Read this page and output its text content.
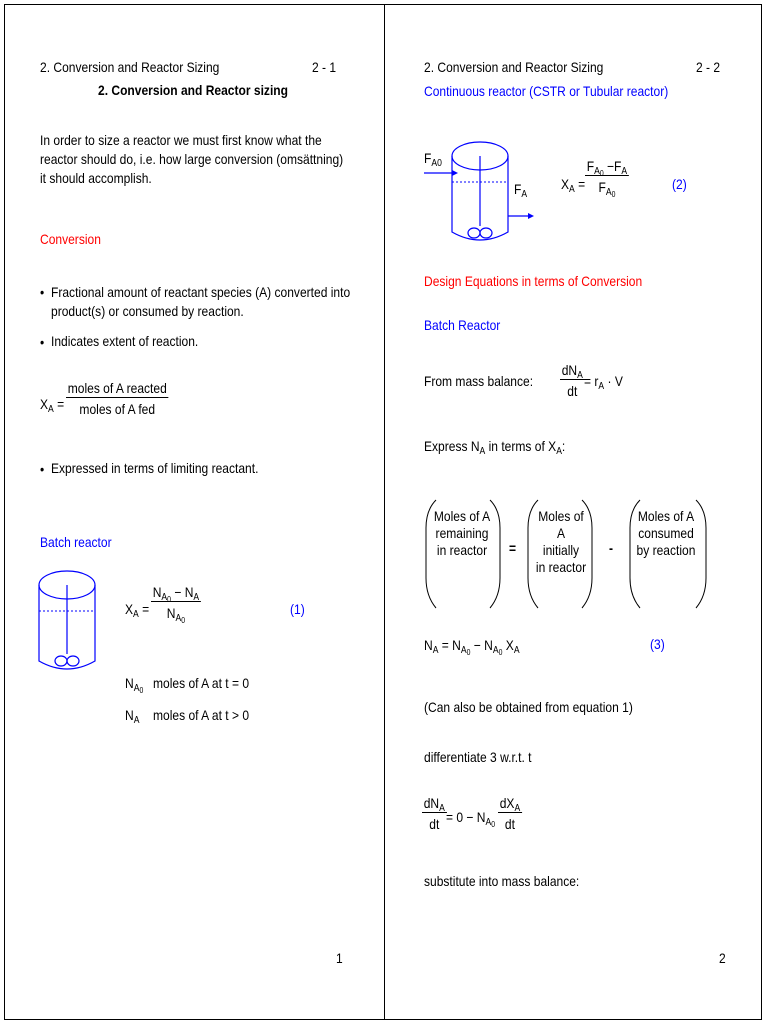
2. Conversion and Reactor Sizing	2 - 1
2. Conversion and Reactor sizing
In order to size a reactor we must first know what the reactor should do, i.e. how large conversion (omsättning) it should accomplish.
Conversion
• Fractional amount of reactant species (A) converted into product(s) or consumed by reaction.
• Indicates extent of reaction.
$X_A$ =
moles of A reacted
moles of A fed
• Expressed in terms of limiting reactant.
Batch reactor
$X_A = \frac{N_{A_0} - N_A}{N_{A_0}}$	(1)
$N_{A_0}$ moles of A at t = 0
$N_A$ moles of A at t > 0
1
2. Conversion and Reactor Sizing	2 - 2
Continuous reactor (CSTR or Tubular reactor)
$F_{A0}$
$F_A$
$X_A = \frac{F_{A_0} -F_A}{F_{A_0}}$	(2)
Design Equations in terms of Conversion
Batch Reactor
From mass balance:
$dN_A$
dt
= $r_A \cdot V$
Express $N_A$ in terms of $X_A$:
Moles of A
remaining
in reactor	=
Moles of
A
initially
in reactor
-
Moles of A
consumed
by reaction
$N_A = N_{A_0} - N_{A_0}$ $X_A$	(3)
(Can also be obtained from equation 1)
differentiate 3 w.r.t. t
$dN_A$
dt = $0 - N_{A_0}$
$dX_A$
dt
substitute into mass balance:
2
